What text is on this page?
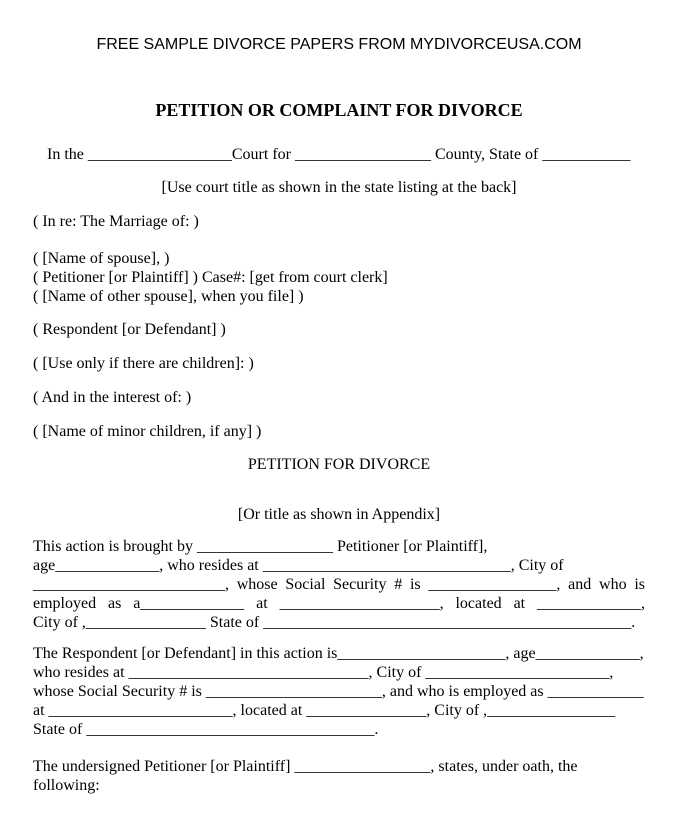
FREE SAMPLE DIVORCE PAPERS FROM MYDIVORCEUSA.COM
PETITION OR COMPLAINT FOR DIVORCE
In the __________________Court for _________________ County, State of ___________
[Use court title as shown in the state listing at the back]
( In re: The Marriage of: )
( [Name of spouse], )
( Petitioner [or Plaintiff] ) Case#: [get from court clerk]
( [Name of other spouse], when you file] )
( Respondent [or Defendant] )
( [Use only if there are children]: )
( And in the interest of: )
( [Name of minor children, if any] )
PETITION FOR DIVORCE
[Or title as shown in Appendix]
This action is brought by _________________ Petitioner [or Plaintiff],
age_____________, who resides at _______________________________, City of
________________________, whose Social Security # is ________________, and who is
employed as a_____________ at ____________________, located at _____________,
City of ,_______________ State of ______________________________________________.
The Respondent [or Defendant] in this action is_____________________, age_____________,
who resides at ______________________________, City of _______________________,
whose Social Security # is ______________________, and who is employed as ____________
at _______________________, located at _______________, City of ,________________
State of ____________________________________.
The undersigned Petitioner [or Plaintiff] _________________, states, under oath, the
following:
